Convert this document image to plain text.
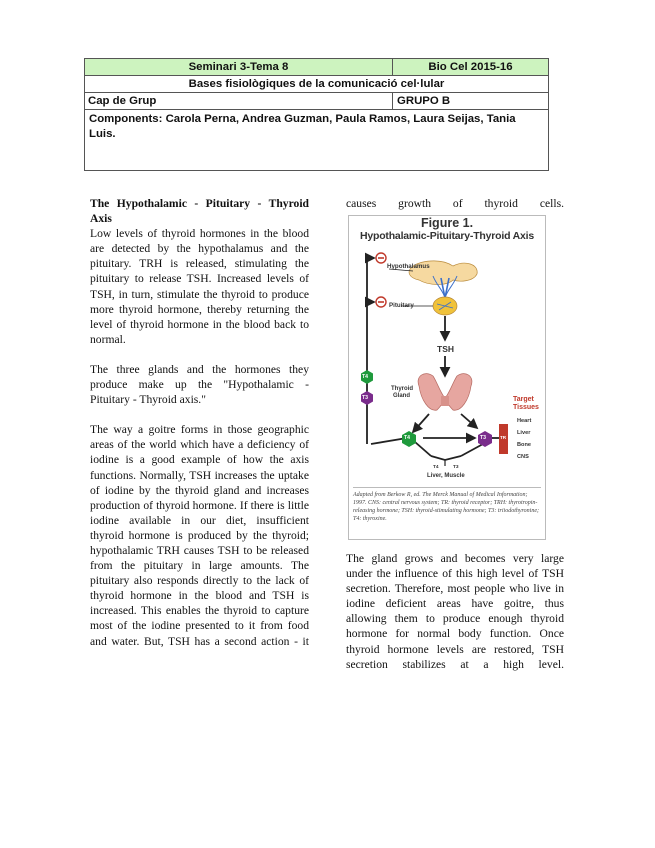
Seminari 3-Tema 8	Bio Cel 2015-16
Bases fisiològiques de la comunicació cel·lular
Cap de Grup	GRUPO B
Components: Carola Perna, Andrea Guzman, Paula Ramos, Laura Seijas, Tania Luis.

The Hypothalamic - Pituitary - Thyroid Axis

Low levels of thyroid hormones in the blood are detected by the hypothalamus and the pituitary. TRH is released, stimulating the pituitary to release TSH. Increased levels of TSH, in turn, stimulate the thyroid to produce more thyroid hormone, thereby returning the level of thyroid hormone in the blood back to normal.

The three glands and the hormones they produce make up the "Hypothalamic - Pituitary - Thyroid axis."

The way a goitre forms in those geographic areas of the world which have a deficiency of iodine is a good example of how the axis functions. Normally, TSH increases the uptake of iodine by the thyroid gland and increases production of thyroid hormone. If there is little iodine available in our diet, insufficient thyroid hormone is produced by the thyroid; hypothalamic TRH causes TSH to be released from the pituitary in large amounts. The pituitary also responds directly to the lack of thyroid hormone in the blood and TSH is increased. This enables the thyroid to capture most of the iodine presented to it from food and water. But, TSH has a second action - it

causes growth of thyroid cells.
Figure 1.
Hypothalamic-Pituitary-Thyroid Axis
Hypothalamus
Pituitary
TSH
Thyroid
Gland
T4
T3
T4	T3	TR
T4	T3
Liver, Muscle
Target
Tissues
Heart
Liver
Bone
CNS
Adapted from Berkow R, ed. The Merck Manual of Medical Information; 1997. CNS: central nervous system; TR: thyroid receptor; TRH: thyrotropin-releasing hormone; TSH: thyroid-stimulating hormone; T3: triiodothyronine; T4: thyroxine.
The gland grows and becomes very large under the influence of this high level of TSH secretion. Therefore, most people who live in iodine deficient areas have goitre, thus allowing them to produce enough thyroid hormone for normal body function. Once thyroid hormone levels are restored, TSH secretion stabilizes at a high level.
